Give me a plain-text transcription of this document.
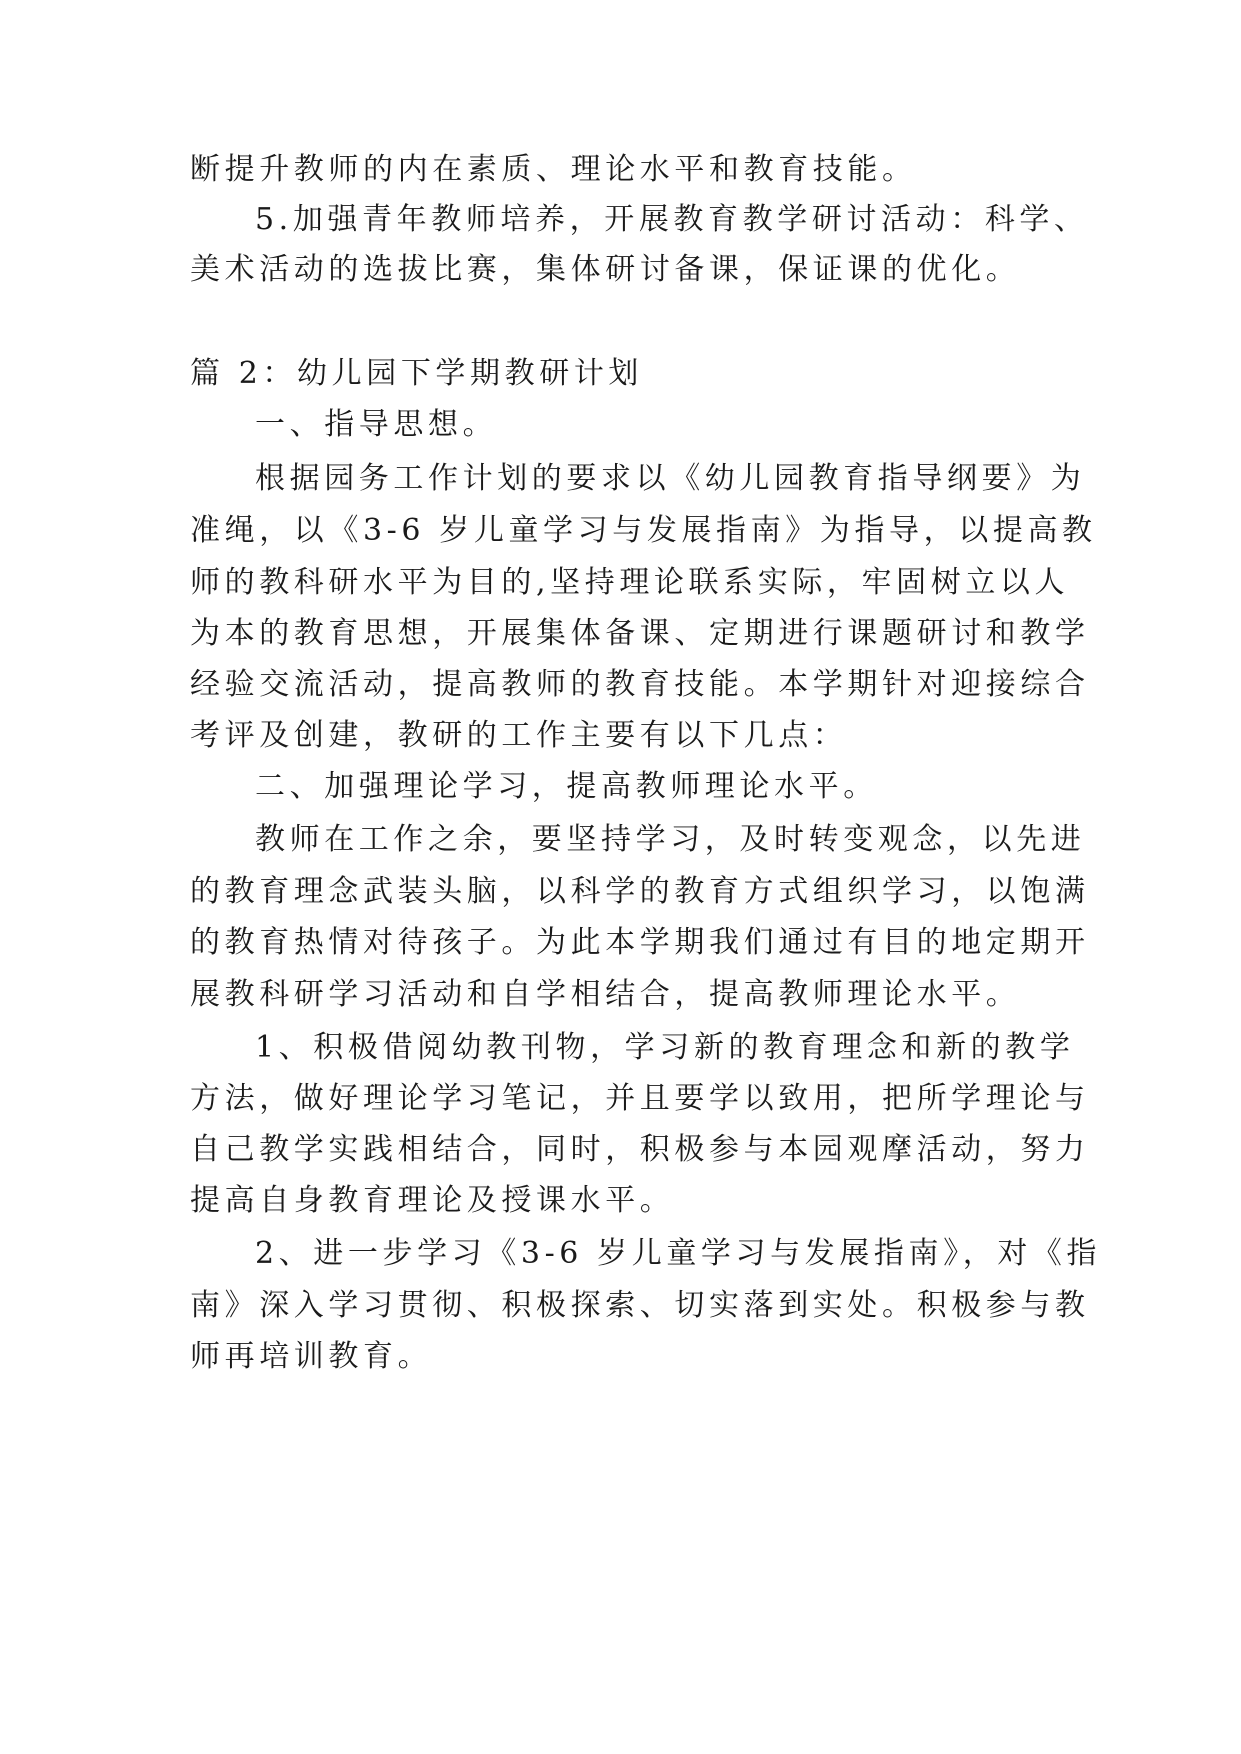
断提升教师的内在素质、理论水平和教育技能。

5.加强青年教师培养，开展教育教学研讨活动：科学、

美术活动的选拔比赛，集体研讨备课，保证课的优化。

篇 2：幼儿园下学期教研计划

一、指导思想。

根据园务工作计划的要求以《幼儿园教育指导纲要》为

准绳，以《3-6 岁儿童学习与发展指南》为指导，以提高教

师的教科研水平为目的,坚持理论联系实际，牢固树立以人

为本的教育思想，开展集体备课、定期进行课题研讨和教学

经验交流活动，提高教师的教育技能。本学期针对迎接综合

考评及创建，教研的工作主要有以下几点：

二、加强理论学习，提高教师理论水平。

教师在工作之余，要坚持学习，及时转变观念，以先进

的教育理念武装头脑，以科学的教育方式组织学习，以饱满

的教育热情对待孩子。为此本学期我们通过有目的地定期开

展教科研学习活动和自学相结合，提高教师理论水平。

1、积极借阅幼教刊物，学习新的教育理念和新的教学

方法，做好理论学习笔记，并且要学以致用，把所学理论与

自己教学实践相结合，同时，积极参与本园观摩活动，努力

提高自身教育理论及授课水平。

2、进一步学习《3-6 岁儿童学习与发展指南》，对《指

南》深入学习贯彻、积极探索、切实落到实处。积极参与教

师再培训教育。
